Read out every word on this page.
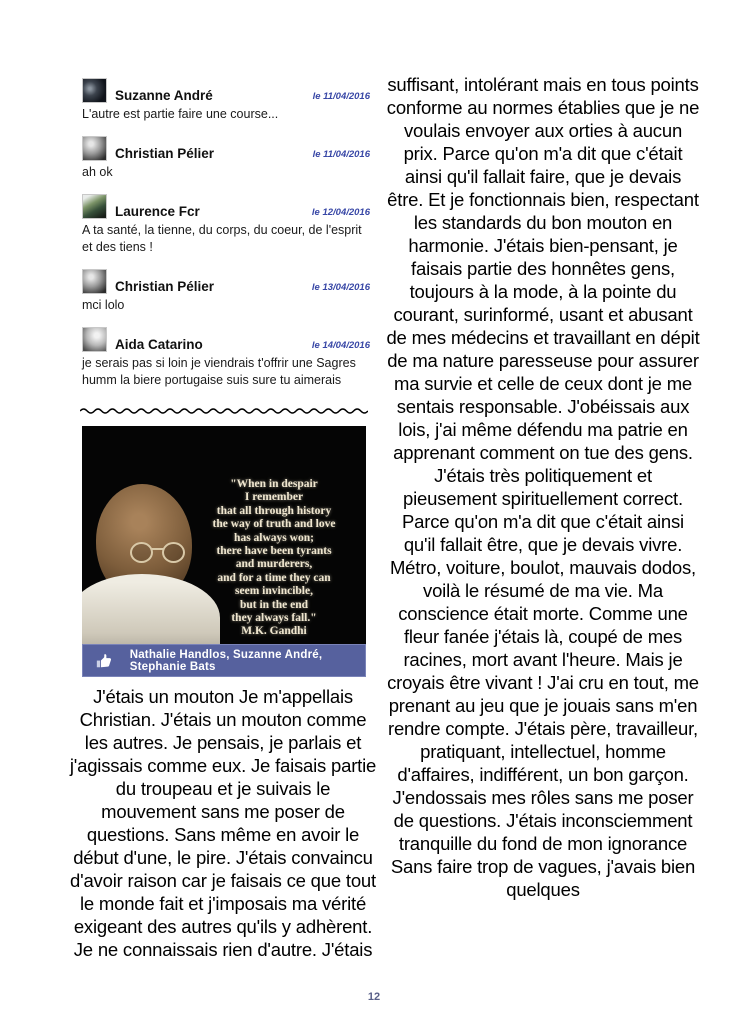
Suzanne André	le 11/04/2016
L'autre est partie faire une course...
Christian Pélier	le 11/04/2016
ah ok
Laurence Fcr	le 12/04/2016
A ta santé, la tienne, du corps, du coeur, de l'esprit et des tiens !
Christian Pélier	le 13/04/2016
mci lolo
Aida Catarino	le 14/04/2016
je serais pas si loin je viendrais t'offrir une Sagres humm la biere portugaise suis sure tu aimerais
"When in despair
I remember
that all through history
the way of truth and love
has always won;
there have been tyrants
and murderers,
and for a time they can
seem invincible,
but in the end
they always fall."
M.K. Gandhi
Nathalie Handlos, Suzanne André, Stephanie Bats
J'étais un mouton Je m'appellais Christian. J'étais un mouton comme les autres. Je pensais, je parlais et j'agissais comme eux. Je faisais partie du troupeau et je suivais le mouvement sans me poser de questions. Sans même en avoir le début d'une, le pire. J'étais convaincu d'avoir raison car je faisais ce que tout le monde fait et j'imposais ma vérité exigeant des autres qu'ils y adhèrent. Je ne connaissais rien d'autre. J'étais
suffisant, intolérant mais en tous points conforme au normes établies que je ne voulais envoyer aux orties à aucun prix. Parce qu'on m'a dit que c'était ainsi qu'il fallait faire, que je devais être. Et je fonctionnais bien, respectant les standards du bon mouton en harmonie. J'étais bien-pensant, je faisais partie des honnêtes gens, toujours à la mode, à la pointe du courant, surinformé, usant et abusant de mes médecins et travaillant en dépit de ma nature paresseuse pour assurer ma survie et celle de ceux dont je me sentais responsable. J'obéissais aux lois, j'ai même défendu ma patrie en apprenant comment on tue des gens. J'étais très politiquement et pieusement spirituellement correct. Parce qu'on m'a dit que c'était ainsi qu'il fallait être, que je devais vivre. Métro, voiture, boulot, mauvais dodos, voilà le résumé de ma vie. Ma conscience était morte. Comme une fleur fanée j'étais là, coupé de mes racines, mort avant l'heure. Mais je croyais être vivant ! J'ai cru en tout, me prenant au jeu que je jouais sans m'en rendre compte. J'étais père, travailleur, pratiquant, intellectuel, homme d'affaires, indifférent, un bon garçon. J'endossais mes rôles sans me poser de questions. J'étais inconsciemment tranquille du fond de mon ignorance Sans faire trop de vagues, j'avais bien quelques
12
